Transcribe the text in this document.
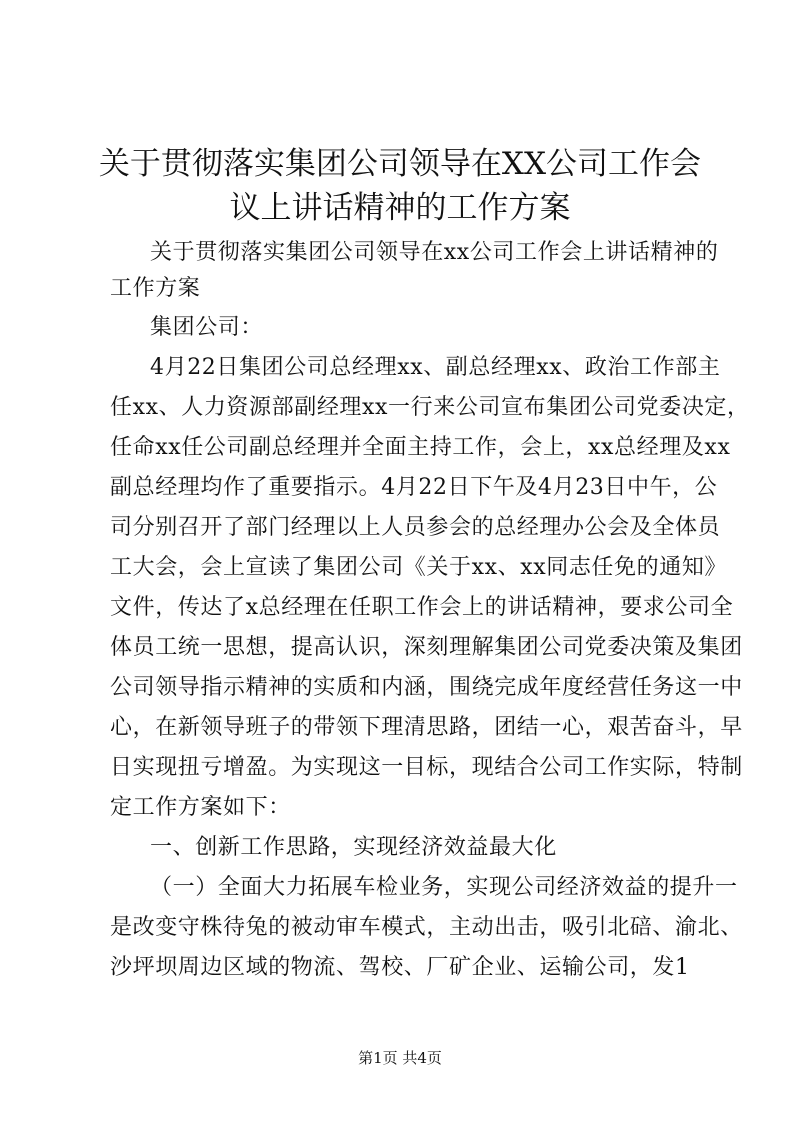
关于贯彻落实集团公司领导在XX公司工作会
议上讲话精神的工作方案
关于贯彻落实集团公司领导在xx公司工作会上讲话精神的
工作方案
集团公司：
4月22日集团公司总经理xx、副总经理xx、政治工作部主
任xx、人力资源部副经理xx一行来公司宣布集团公司党委决定，
任命xx任公司副总经理并全面主持工作，会上，xx总经理及xx
副总经理均作了重要指示。4月22日下午及4月23日中午，公
司分别召开了部门经理以上人员参会的总经理办公会及全体员
工大会，会上宣读了集团公司《关于xx、xx同志任免的通知》
文件，传达了x总经理在任职工作会上的讲话精神，要求公司全
体员工统一思想，提高认识，深刻理解集团公司党委决策及集团
公司领导指示精神的实质和内涵，围绕完成年度经营任务这一中
心，在新领导班子的带领下理清思路，团结一心，艰苦奋斗，早
日实现扭亏增盈。为实现这一目标，现结合公司工作实际，特制
定工作方案如下：
一、创新工作思路，实现经济效益最大化
（一）全面大力拓展车检业务，实现公司经济效益的提升一
是改变守株待兔的被动审车模式，主动出击，吸引北碚、渝北、
沙坪坝周边区域的物流、驾校、厂矿企业、运输公司，发1
第1页 共4页
